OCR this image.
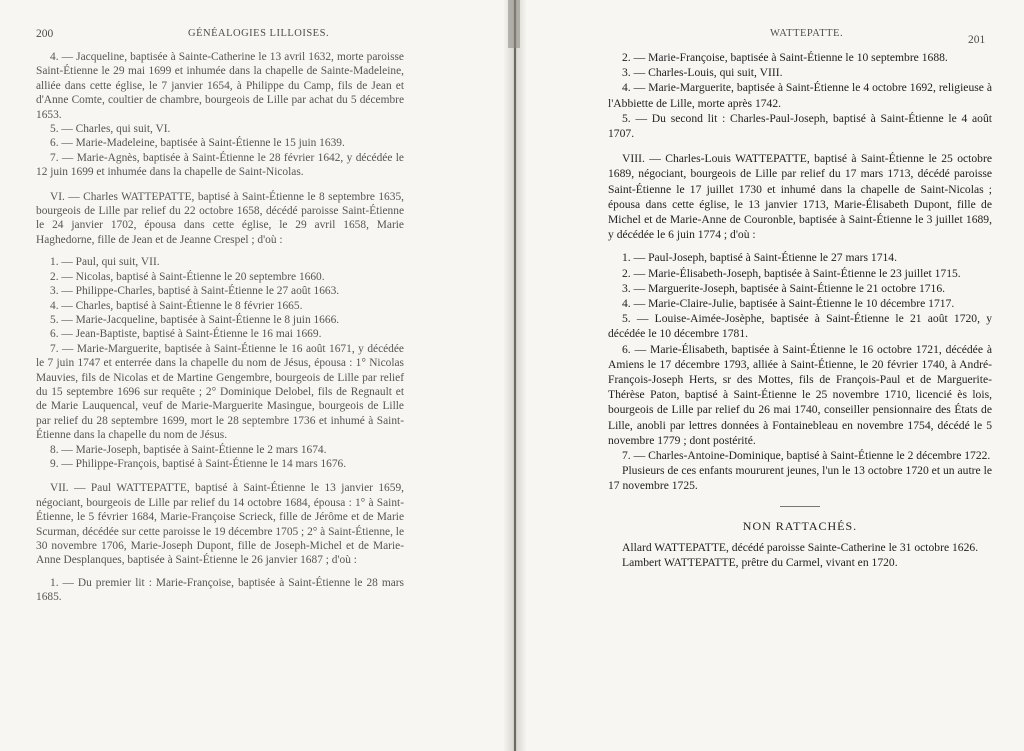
200	GÉNÉALOGIES LILLOISES.

4. — Jacqueline, baptisée à Sainte-Catherine le 13 avril 1632, morte paroisse Saint-Étienne le 29 mai 1699 et inhumée dans la chapelle de Sainte-Madeleine, alliée dans cette église, le 7 janvier 1654, à Philippe du Camp, fils de Jean et d'Anne Comte, coultier de chambre, bourgeois de Lille par achat du 5 décembre 1653.

5. — Charles, qui suit, VI.

6. — Marie-Madeleine, baptisée à Saint-Étienne le 15 juin 1639.

7. — Marie-Agnès, baptisée à Saint-Étienne le 28 février 1642, y décédée le 12 juin 1699 et inhumée dans la chapelle de Saint-Nicolas.

VI. — Charles WATTEPATTE, baptisé à Saint-Étienne le 8 septembre 1635, bourgeois de Lille par relief du 22 octobre 1658, décédé paroisse Saint-Étienne le 24 janvier 1702, épousa dans cette église, le 29 avril 1658, Marie Haghedorne, fille de Jean et de Jeanne Crespel ; d'où :

1. — Paul, qui suit, VII.

2. — Nicolas, baptisé à Saint-Étienne le 20 septembre 1660.

3. — Philippe-Charles, baptisé à Saint-Étienne le 27 août 1663.

4. — Charles, baptisé à Saint-Étienne le 8 février 1665.

5. — Marie-Jacqueline, baptisée à Saint-Étienne le 8 juin 1666.

6. — Jean-Baptiste, baptisé à Saint-Étienne le 16 mai 1669.

7. — Marie-Marguerite, baptisée à Saint-Étienne le 16 août 1671, y décédée le 7 juin 1747 et enterrée dans la chapelle du nom de Jésus, épousa : 1° Nicolas Mauvies, fils de Nicolas et de Martine Gengembre, bourgeois de Lille par relief du 15 septembre 1696 sur requête ; 2° Dominique Delobel, fils de Regnault et de Marie Lauquencal, veuf de Marie-Marguerite Masingue, bourgeois de Lille par relief du 28 septembre 1699, mort le 28 septembre 1736 et inhumé à Saint-Étienne dans la chapelle du nom de Jésus.

8. — Marie-Joseph, baptisée à Saint-Étienne le 2 mars 1674.

9. — Philippe-François, baptisé à Saint-Étienne le 14 mars 1676.

VII. — Paul WATTEPATTE, baptisé à Saint-Étienne le 13 janvier 1659, négociant, bourgeois de Lille par relief du 14 octobre 1684, épousa : 1° à Saint-Étienne, le 5 février 1684, Marie-Françoise Scrieck, fille de Jérôme et de Marie Scurman, décédée sur cette paroisse le 19 décembre 1705 ; 2° à Saint-Étienne, le 30 novembre 1706, Marie-Joseph Dupont, fille de Joseph-Michel et de Marie-Anne Desplanques, baptisée à Saint-Étienne le 26 janvier 1687 ; d'où :

1. — Du premier lit : Marie-Françoise, baptisée à Saint-Étienne le 28 mars 1685.

WATTEPATTE.
201

2. — Marie-Françoise, baptisée à Saint-Étienne le 10 septembre 1688.

3. — Charles-Louis, qui suit, VIII.

4. — Marie-Marguerite, baptisée à Saint-Étienne le 4 octobre 1692, religieuse à l'Abbiette de Lille, morte après 1742.

5. — Du second lit : Charles-Paul-Joseph, baptisé à Saint-Étienne le 4 août 1707.

VIII. — Charles-Louis WATTEPATTE, baptisé à Saint-Étienne le 25 octobre 1689, négociant, bourgeois de Lille par relief du 17 mars 1713, décédé paroisse Saint-Étienne le 17 juillet 1730 et inhumé dans la chapelle de Saint-Nicolas ; épousa dans cette église, le 13 janvier 1713, Marie-Élisabeth Dupont, fille de Michel et de Marie-Anne de Couronble, baptisée à Saint-Étienne le 3 juillet 1689, y décédée le 6 juin 1774 ; d'où :

1. — Paul-Joseph, baptisé à Saint-Étienne le 27 mars 1714.

2. — Marie-Élisabeth-Joseph, baptisée à Saint-Étienne le 23 juillet 1715.

3. — Marguerite-Joseph, baptisée à Saint-Étienne le 21 octobre 1716.

4. — Marie-Claire-Julie, baptisée à Saint-Étienne le 10 décembre 1717.

5. — Louise-Aimée-Josèphe, baptisée à Saint-Étienne le 21 août 1720, y décédée le 10 décembre 1781.

6. — Marie-Élisabeth, baptisée à Saint-Étienne le 16 octobre 1721, décédée à Amiens le 17 décembre 1793, alliée à Saint-Étienne, le 20 février 1740, à André-François-Joseph Herts, sr des Mottes, fils de François-Paul et de Marguerite-Thérèse Paton, baptisé à Saint-Étienne le 25 novembre 1710, licencié ès lois, bourgeois de Lille par relief du 26 mai 1740, conseiller pensionnaire des États de Lille, anobli par lettres données à Fontainebleau en novembre 1754, décédé le 5 novembre 1779 ; dont postérité.

7. — Charles-Antoine-Dominique, baptisé à Saint-Étienne le 2 décembre 1722.

Plusieurs de ces enfants moururent jeunes, l'un le 13 octobre 1720 et un autre le 17 novembre 1725.

NON RATTACHÉS.

Allard WATTEPATTE, décédé paroisse Sainte-Catherine le 31 octobre 1626.

Lambert WATTEPATTE, prêtre du Carmel, vivant en 1720.
